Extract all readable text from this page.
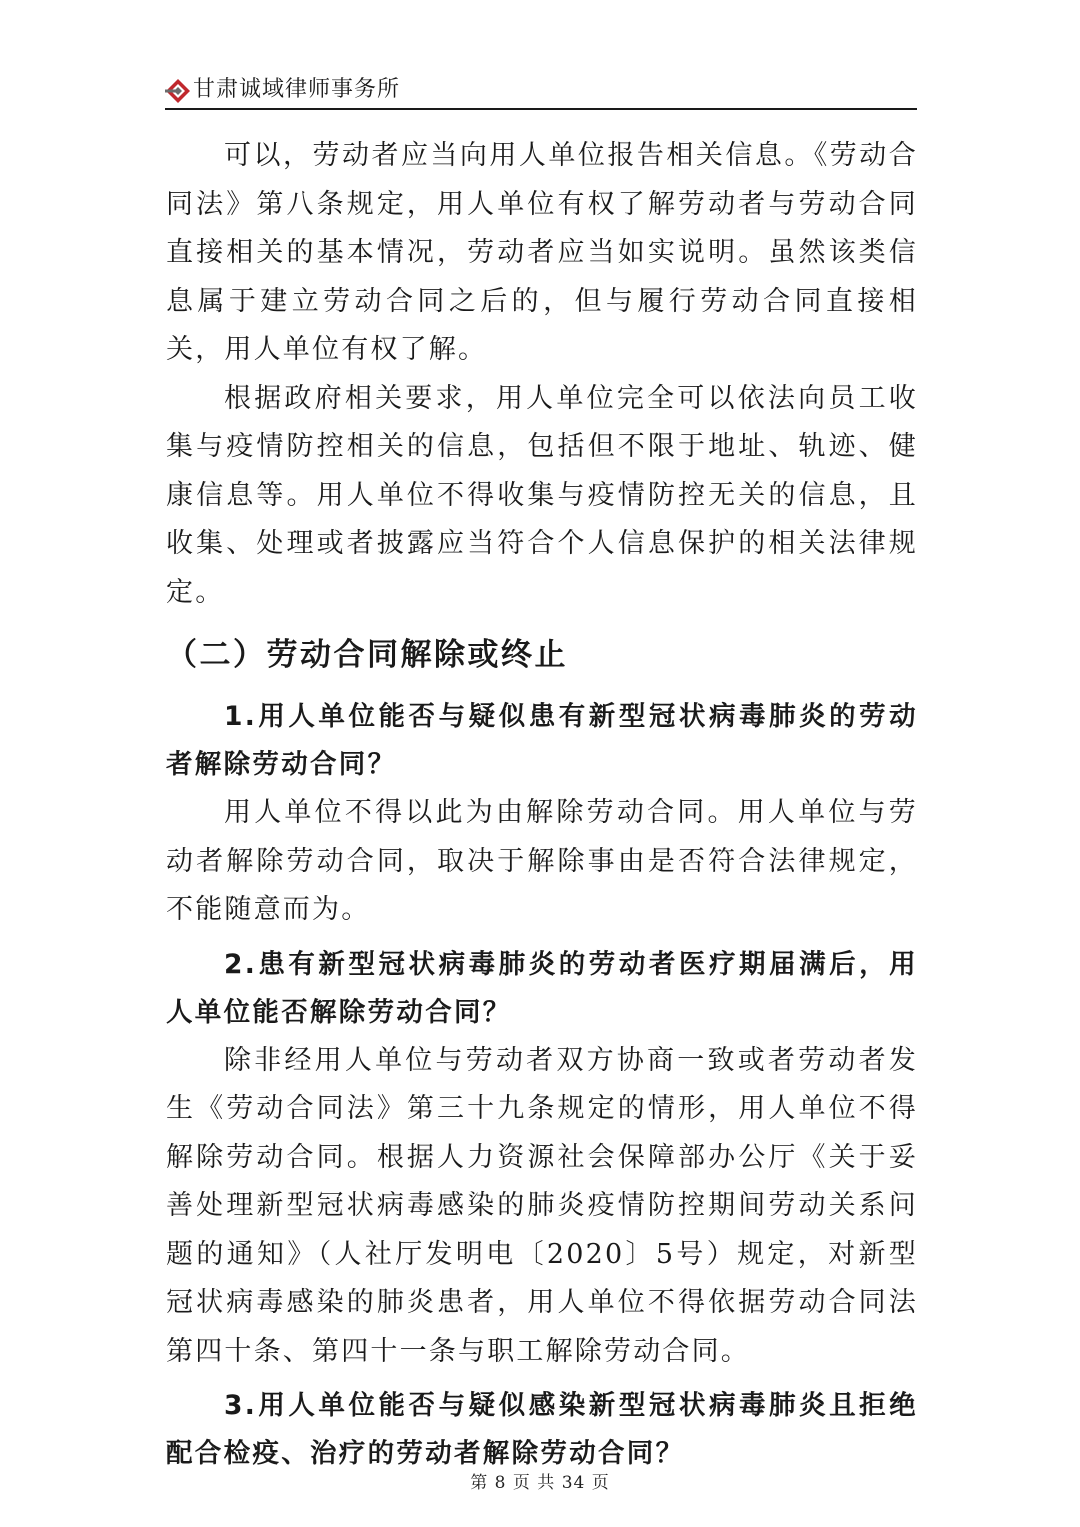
甘肃诚域律师事务所

可以，劳动者应当向用人单位报告相关信息。《劳动合同法》第八条规定，用人单位有权了解劳动者与劳动合同直接相关的基本情况，劳动者应当如实说明。虽然该类信息属于建立劳动合同之后的，但与履行劳动合同直接相关，用人单位有权了解。

根据政府相关要求，用人单位完全可以依法向员工收集与疫情防控相关的信息，包括但不限于地址、轨迹、健康信息等。用人单位不得收集与疫情防控无关的信息，且收集、处理或者披露应当符合个人信息保护的相关法律规定。

（二）劳动合同解除或终止

1.用人单位能否与疑似患有新型冠状病毒肺炎的劳动者解除劳动合同？

用人单位不得以此为由解除劳动合同。用人单位与劳动者解除劳动合同，取决于解除事由是否符合法律规定，不能随意而为。

2.患有新型冠状病毒肺炎的劳动者医疗期届满后，用人单位能否解除劳动合同？

除非经用人单位与劳动者双方协商一致或者劳动者发生《劳动合同法》第三十九条规定的情形，用人单位不得解除劳动合同。根据人力资源社会保障部办公厅《关于妥善处理新型冠状病毒感染的肺炎疫情防控期间劳动关系问题的通知》（人社厅发明电〔2020〕5号）规定，对新型冠状病毒感染的肺炎患者，用人单位不得依据劳动合同法第四十条、第四十一条与职工解除劳动合同。

3.用人单位能否与疑似感染新型冠状病毒肺炎且拒绝配合检疫、治疗的劳动者解除劳动合同？

第 8 页 共 34 页
